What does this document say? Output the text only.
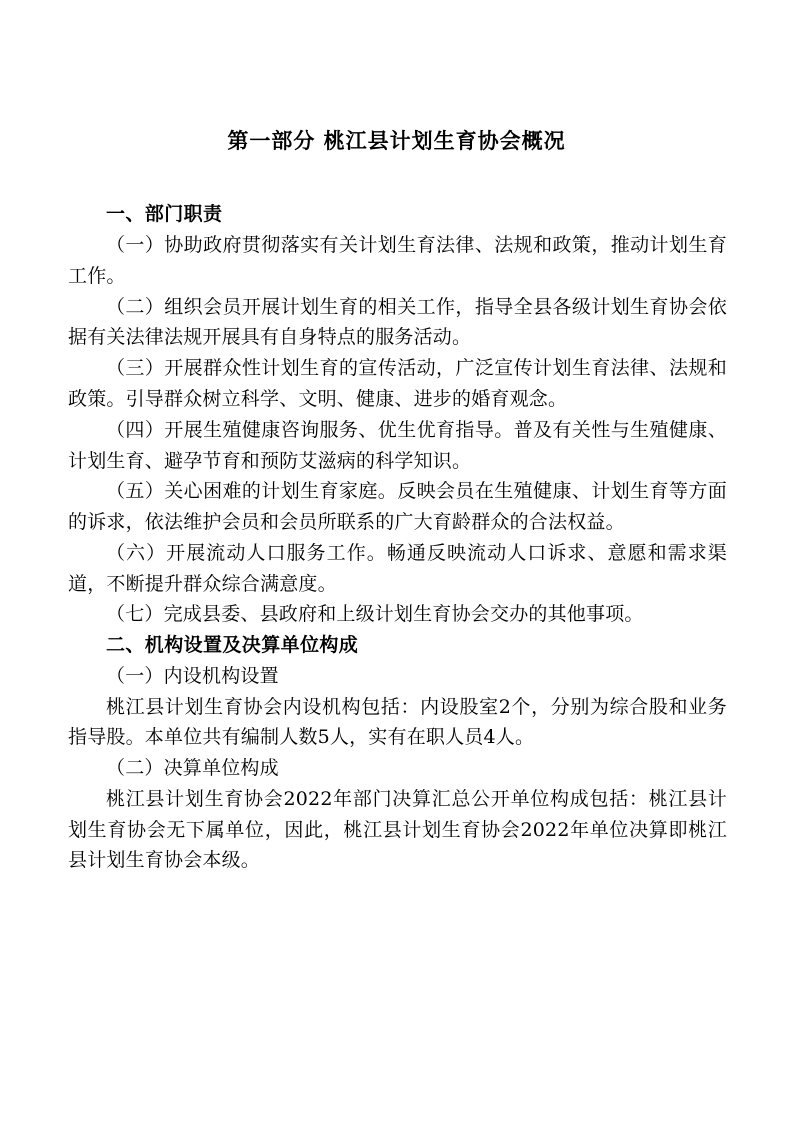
第一部分 桃江县计划生育协会概况

一、部门职责

（一）协助政府贯彻落实有关计划生育法律、法规和政策，推动计划生育工作。

（二）组织会员开展计划生育的相关工作，指导全县各级计划生育协会依据有关法律法规开展具有自身特点的服务活动。

（三）开展群众性计划生育的宣传活动，广泛宣传计划生育法律、法规和政策。引导群众树立科学、文明、健康、进步的婚育观念。

（四）开展生殖健康咨询服务、优生优育指导。普及有关性与生殖健康、计划生育、避孕节育和预防艾滋病的科学知识。

（五）关心困难的计划生育家庭。反映会员在生殖健康、计划生育等方面的诉求，依法维护会员和会员所联系的广大育龄群众的合法权益。

（六）开展流动人口服务工作。畅通反映流动人口诉求、意愿和需求渠道，不断提升群众综合满意度。

（七）完成县委、县政府和上级计划生育协会交办的其他事项。

二、机构设置及决算单位构成

（一）内设机构设置

桃江县计划生育协会内设机构包括：内设股室2个，分别为综合股和业务指导股。本单位共有编制人数5人，实有在职人员4人。

（二）决算单位构成

桃江县计划生育协会2022年部门决算汇总公开单位构成包括：桃江县计划生育协会无下属单位，因此，桃江县计划生育协会2022年单位决算即桃江县计划生育协会本级。
